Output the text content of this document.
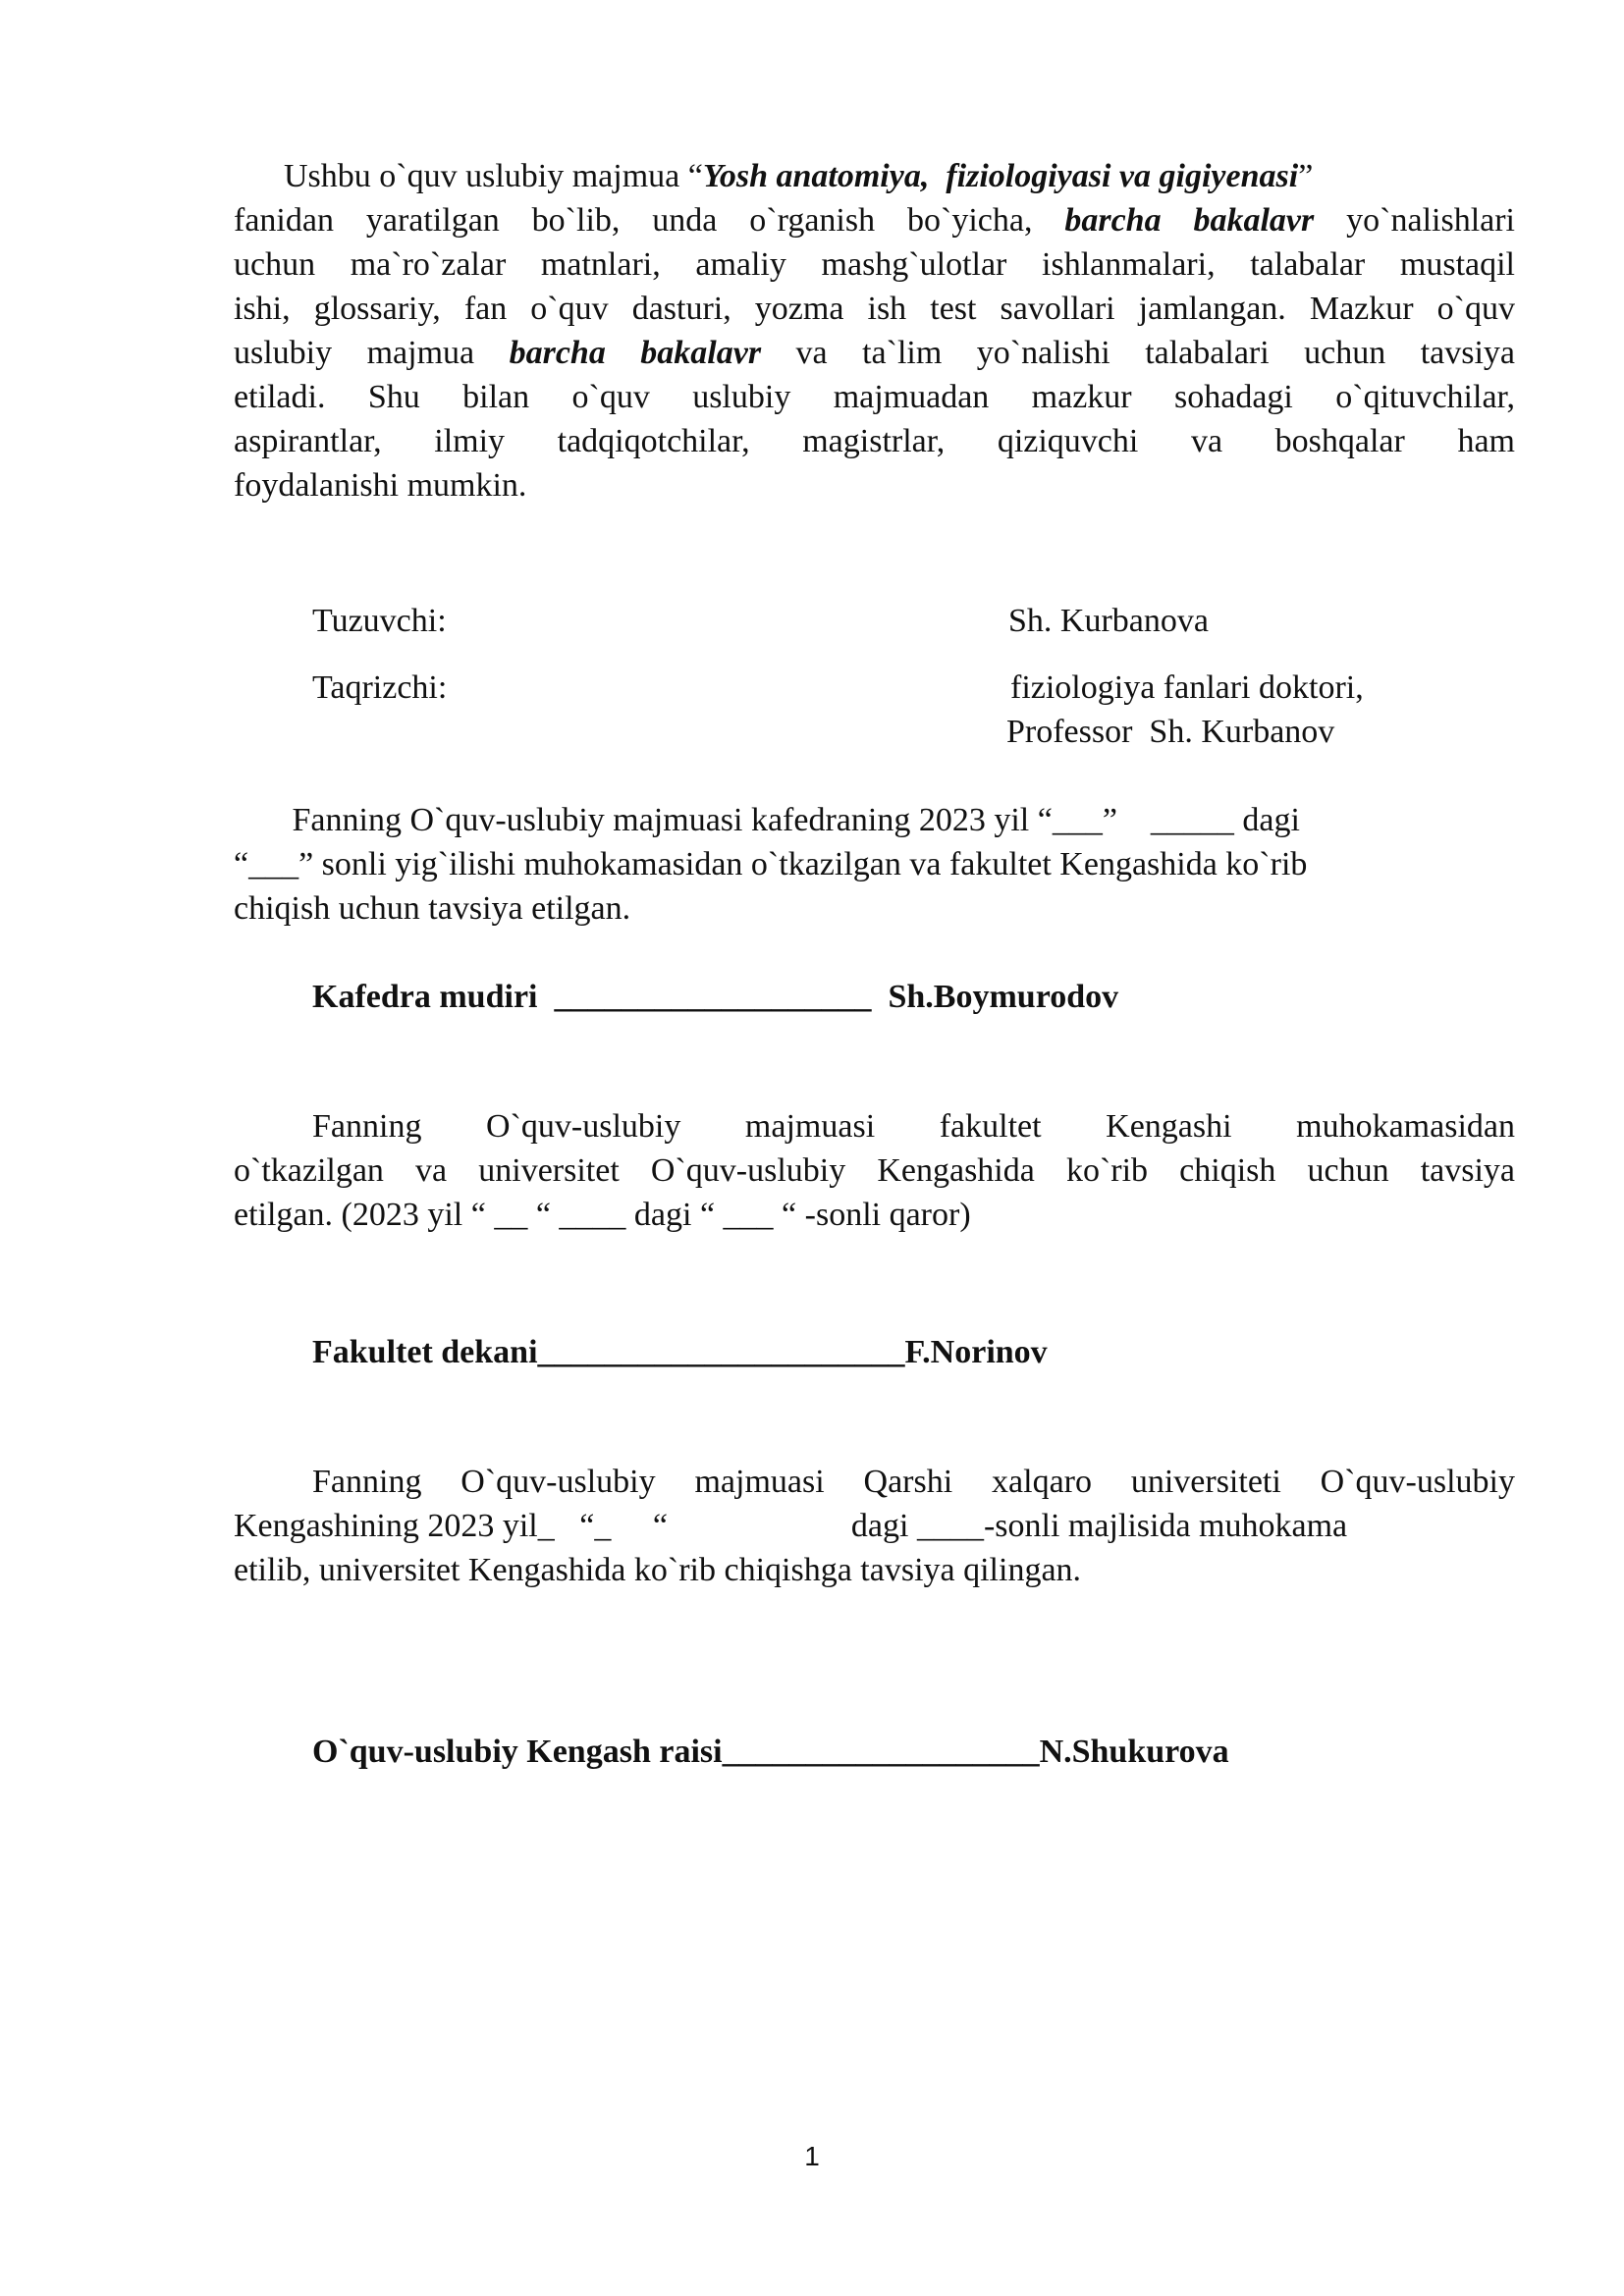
Ushbu o`quv uslubiy majmua “Yosh anatomiya,  fiziologiyasi va gigiyenasi”
fanidan yaratilgan bo`lib, unda o`rganish bo`yicha, barcha bakalavr yo`nalishlari
uchun ma`ro`zalar matnlari, amaliy mashg`ulotlar ishlanmalari, talabalar mustaqil
ishi, glossariy, fan o`quv dasturi, yozma ish test savollari jamlangan. Mazkur o`quv
uslubiy majmua barcha bakalavr va ta`lim yo`nalishi talabalari uchun tavsiya
etiladi. Shu bilan o`quv uslubiy majmuadan mazkur sohadagi o`qituvchilar,
aspirantlar, ilmiy tadqiqotchilar, magistrlar, qiziquvchi va boshqalar ham
foydalanishi mumkin.
Tuzuvchi:	Sh. Kurbanova
Taqrizchi:	fiziologiya fanlari doktori,
Professor  Sh. Kurbanov
Fanning O`quv-uslubiy majmuasi kafedraning 2023 yil “___”    _____ dagi
“___” sonli yig`ilishi muhokamasidan o`tkazilgan va fakultet Kengashida ko`rib
chiqish uchun tavsiya etilgan.
Kafedra mudiri  ___________________  Sh.Boymurodov
Fanning O`quv-uslubiy majmuasi fakultet Kengashi muhokamasidan
o`tkazilgan va universitet O`quv-uslubiy Kengashida ko`rib chiqish uchun tavsiya
etilgan. (2023 yil “ __ “ ____ dagi “ ___ “ -sonli qaror)
Fakultet dekani______________________F.Norinov
Fanning O`quv-uslubiy majmuasi Qarshi xalqaro universiteti O`quv-uslubiy
Kengashining 2023 yil_   “_     “                      dagi ____-sonli majlisida muhokama
etilib, universitet Kengashida ko`rib chiqishga tavsiya qilingan.
O`quv-uslubiy Kengash raisi___________________N.Shukurova
1
